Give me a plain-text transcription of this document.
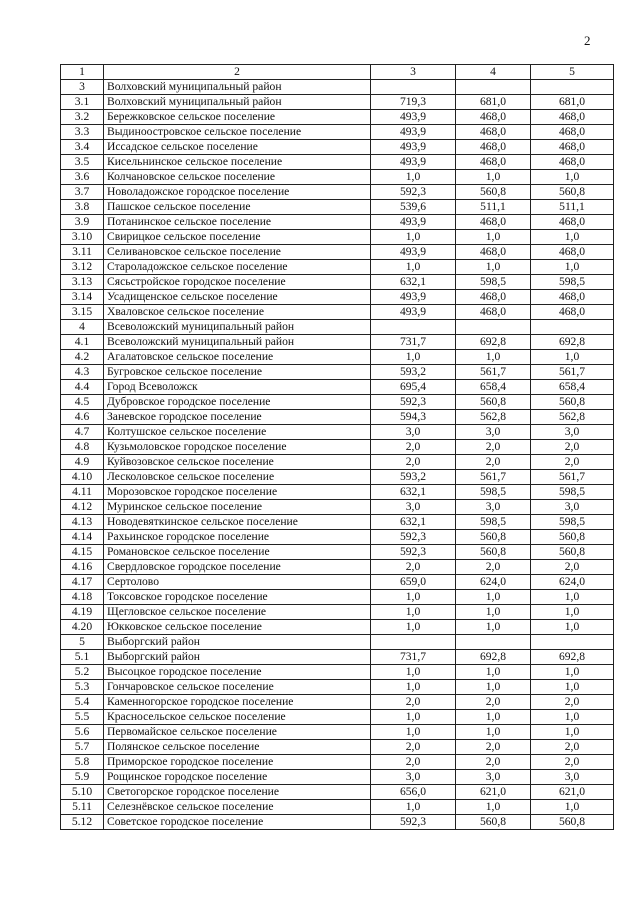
2
1	2	3	4	5
3	Волховский муниципальный район			
3.1	Волховский муниципальный район	719,3	681,0	681,0
3.2	Бережковское сельское поселение	493,9	468,0	468,0
3.3	Выдиноостровское сельское поселение	493,9	468,0	468,0
3.4	Иссадское сельское поселение	493,9	468,0	468,0
3.5	Кисельнинское сельское поселение	493,9	468,0	468,0
3.6	Колчановское сельское поселение	1,0	1,0	1,0
3.7	Новоладожское городское поселение	592,3	560,8	560,8
3.8	Пашское сельское поселение	539,6	511,1	511,1
3.9	Потанинское сельское поселение	493,9	468,0	468,0
3.10	Свирицкое сельское поселение	1,0	1,0	1,0
3.11	Селивановское сельское поселение	493,9	468,0	468,0
3.12	Староладожское сельское поселение	1,0	1,0	1,0
3.13	Сясьстройское городское поселение	632,1	598,5	598,5
3.14	Усадищенское сельское поселение	493,9	468,0	468,0
3.15	Хваловское сельское поселение	493,9	468,0	468,0
4	Всеволожский муниципальный район			
4.1	Всеволожский муниципальный район	731,7	692,8	692,8
4.2	Агалатовское сельское поселение	1,0	1,0	1,0
4.3	Бугровское сельское поселение	593,2	561,7	561,7
4.4	Город Всеволожск	695,4	658,4	658,4
4.5	Дубровское городское поселение	592,3	560,8	560,8
4.6	Заневское городское поселение	594,3	562,8	562,8
4.7	Колтушское сельское поселение	3,0	3,0	3,0
4.8	Кузьмоловское городское поселение	2,0	2,0	2,0
4.9	Куйвозовское сельское поселение	2,0	2,0	2,0
4.10	Лесколовское сельское поселение	593,2	561,7	561,7
4.11	Морозовское городское поселение	632,1	598,5	598,5
4.12	Муринское сельское поселение	3,0	3,0	3,0
4.13	Новодевяткинское сельское поселение	632,1	598,5	598,5
4.14	Рахьинское городское поселение	592,3	560,8	560,8
4.15	Романовское сельское поселение	592,3	560,8	560,8
4.16	Свердловское городское поселение	2,0	2,0	2,0
4.17	Сертолово	659,0	624,0	624,0
4.18	Токсовское городское поселение	1,0	1,0	1,0
4.19	Щегловское сельское поселение	1,0	1,0	1,0
4.20	Юкковское сельское поселение	1,0	1,0	1,0
5	Выборгский район			
5.1	Выборгский район	731,7	692,8	692,8
5.2	Высоцкое городское поселение	1,0	1,0	1,0
5.3	Гончаровское сельское поселение	1,0	1,0	1,0
5.4	Каменногорское городское поселение	2,0	2,0	2,0
5.5	Красносельское сельское поселение	1,0	1,0	1,0
5.6	Первомайское сельское поселение	1,0	1,0	1,0
5.7	Полянское сельское поселение	2,0	2,0	2,0
5.8	Приморское городское поселение	2,0	2,0	2,0
5.9	Рощинское городское поселение	3,0	3,0	3,0
5.10	Светогорское городское поселение	656,0	621,0	621,0
5.11	Селезнёвское сельское поселение	1,0	1,0	1,0
5.12	Советское городское поселение	592,3	560,8	560,8
